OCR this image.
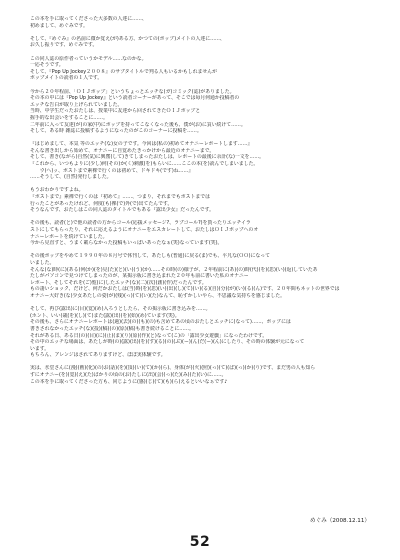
この本を手に取ってくださった大多数の人達に……、
初めまして、めぐみです。
そして、『めぐみ』の名前に微か覚え(が)ある方、かつての(ポップ)メイトの人達に……、
お久し振りです、めぐみです。
この同人誌の原作者っていうかモデル……なのかな。
一応そうです。
そして、『Pop Up Jockey２００８』のサブタイトルで判る人もいるかもしれませんが
ポップメイトの読者の１人です。
今から２０年程前、「ＯＩＪポップ」というちょっとエッチな(ガ)コミック(誌)がありました。
その本の中には『Pop Up Jockey』という読者コーナーがあって、そこでは毎月何通か投稿者の
エッチな告白が取り上げられていました。
当時、中学生だったおたしは、授業中に友達から回されてきたＯＩＪポップと
握手的な出会いをすることに……。
二年前に入って友達(が)の家(中)にポップを持ってこなくなった後も、僕が(お)に買い続けて……。
そして、ある時 雑誌に投稿するようになったのがこのコーナーに投稿を……。
『はじめまして、本気 等のエッチ(な)女の子です。今回は(私の)初めてオナニーレポートします……』
そんな書き出しから始めて、オナニーに自覚めたきっかけから最近のオナニーまで。
そして、書き(ながら)自然(気)に興奮(して)きてしまったおたしは、レポートの最後に余計(な)一文を……。
『これから、いつもよりに(少し)何(その)か(く)刺激(を)もらいに……ここの本(を)読んでしまいました。
　　ウ(へ)ッ、ポストまで素裸で行くのは初めて、ドキドキ(です)ね……』
……そうして、(自然)発行しました。
もうおわかりですよね。
『ポストまで』素裸で行くのは『初めて』……、つまり、それまでもポストまでは
行ったことがあったけれど、何度(も)裸(で)外(で)出てたんです。
そうなんです、おたしはこの同人誌のタイトルでもある『露出少女』だったんです。
その後も、読者(と)で他の読者の方からコール(応援メッセージ?、ラブコール?)を貰ったりエッチイラ
ストにしてもらったり、それに応えるようにオナニーをエスカレートして、おたしはＯＩＪポップへのオ
ナニーレポートを続けていました。
今から見直すと、うまく載らなかった投稿もいっぱいあったなぁ(笑)なっています(笑)。
その後ポップをやめて１９９０年の８月号で休刊して、あたしも(普通)に戻る(ま)でも、平凡な(ＯＯ)になって
いました。
そんな(な)時(に)(ある)何(か)(を)見(た)(と)(い)(う)(か)……その時(の)様子が、２年程前に(あ)(の)時(代)(を)(思)(い)(返)していたあ
たしがパソコンで見つけてしまったのが、某掲示板に書き込まれた２０年も前に書いた私のオナニー
レポート、そしてそれを(ご)覧(に)したエッチ(な)(二)(次)(創)(作)だったんです。
もの凄いショック、だけど、何だかおたしは(当)時(を)(思)(い)(出)(し)(て)(い)(る)(自)(分)(が)(い)(る)(ん)です、２０年間もネットの世界では
オナニー大好き(な)少女あたしの姿(が)(残)(っ)(て)(い)(た)なんて、恥ずかしいやら、不思議な気持ちを感じました。
そして、再び(露出)に(目)(覚)(め)入ろうとしたら、その掲示板に書き込みを……。
(ホント、いい)歳(を)(し)(て)また(露)(出)(を)(始)(め)ています(笑)。
その後も、さらにオナニーレポートは(過)(去)(の)(も)(の)も含めてあの頃のおたしとエッチに(なって)……、ポップには
書きされなかったエッチ(な)(投)(稿)(の)(原)(稿)も書き続けることに……。
それがある日、ある日(の)(目)(に)(止)(ま)(り)(原)(作)(と)なって(こ)の「露出少女遊戯」になったわけです。
その中のエッチな場面は、あたしが時(の)(露)(出)(を)(す)(る)(の)(ぶ)(ー)(ん)だ(ー)(ん)にしたり、その時の体験が元になって
います。
もちろん、アレンジはされてありますけど、ほぼ実体験です。
実は、氷堂さんに(漫)(画)(化)(の)お(話)(を)(頂)(い)(て)(か)(ら)、身体(が)(火)(照)(っ)(て)(ば)(っ)(か)(り)です、まだ男の人も知ら
ずにオナニー(を)(覚)(え)(た)ばかりの頃の(お)たしに(出)(会)(っ)(た)(み)(た)(い)に……。
この本を手に取ってくださった方も、同じように(感)(じ)(て)(も)(ら)えるといいなぁです♪
めぐみ（2008.12.11）
52
